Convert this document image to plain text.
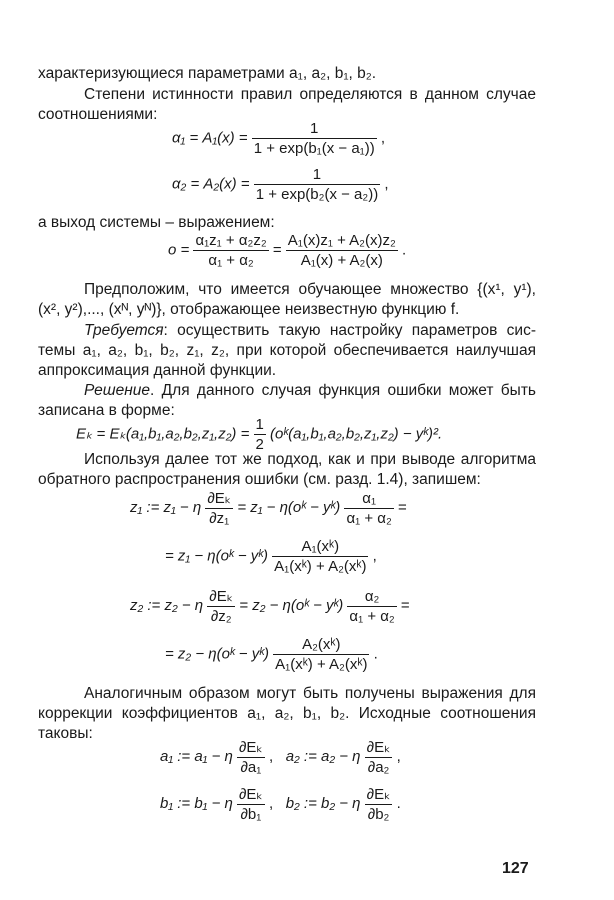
характеризующиеся параметрами a₁, a₂, b₁, b₂.
Степени истинности правил определяются в данном случае
соотношениями:
$\alpha_1 = A_1(x) = \frac{1}{\text{1 + exp(b₁(x − a₁))}}$ ,
$\alpha_2 = A_2(x) = \frac{1}{\text{1 + exp(b₂(x − a₂))}}$ ,
а выход системы – выражением:
$o = \frac{\text{α₁z₁ + α₂z₂}}{\text{α₁ + α₂}} = \frac{\text{A₁(x)z₁ + A₂(x)z₂}}{\text{A₁(x) + A₂(x)}}$ .
Предположим, что имеется обучающее множество {(x¹, y¹),
(x², y²),..., (xᴺ, yᴺ)}, отображающее неизвестную функцию f.
Требуется: осуществить такую настройку параметров сис-
темы a₁, a₂, b₁, b₂, z₁, z₂, при которой обеспечивается наилучшая
аппроксимация данной функции.
Решение. Для данного случая функция ошибки может быть
записана в форме:
$E_k = E_k(a_1,b_1,a_2,b_2,z_1,z_2) = \frac{1}{2}$ (oᵏ(a₁,b₁,a₂,b₂,z₁,z₂) − yᵏ)².
Используя далее тот же подход, как и при выводе алгоритма
обратного распространения ошибки (см. разд. 1.4), запишем:
z₁ := z₁ − η $\frac{\text{∂Eₖ}}{\text{∂z₁}} = z_1$ − η(oᵏ − yᵏ) $\frac{\text{α₁}}{\text{α₁ + α₂}}$ =
= z₁ − η(oᵏ − yᵏ) $\frac{\text{A₁(xᵏ)}}{\text{A₁(xᵏ) + A₂(xᵏ)}}$ ,
z₂ := z₂ − η $\frac{\text{∂Eₖ}}{\text{∂z₂}} = z_2$ − η(oᵏ − yᵏ) $\frac{\text{α₂}}{\text{α₁ + α₂}}$ =
= z₂ − η(oᵏ − yᵏ) $\frac{\text{A₂(xᵏ)}}{\text{A₁(xᵏ) + A₂(xᵏ)}}$ .
Аналогичным образом могут быть получены выражения для
коррекции коэффициентов a₁, a₂, b₁, b₂. Исходные соотношения
таковы:
a₁ := a₁ − η $\frac{\text{∂Eₖ}}{\text{∂a₁}}$ , a₂ := a₂ − η $\frac{\text{∂Eₖ}}{\text{∂a₂}}$ ,
b₁ := b₁ − η $\frac{\text{∂Eₖ}}{\text{∂b₁}}$ , b₂ := b₂ − η $\frac{\text{∂Eₖ}}{\text{∂b₂}}$ .
127
